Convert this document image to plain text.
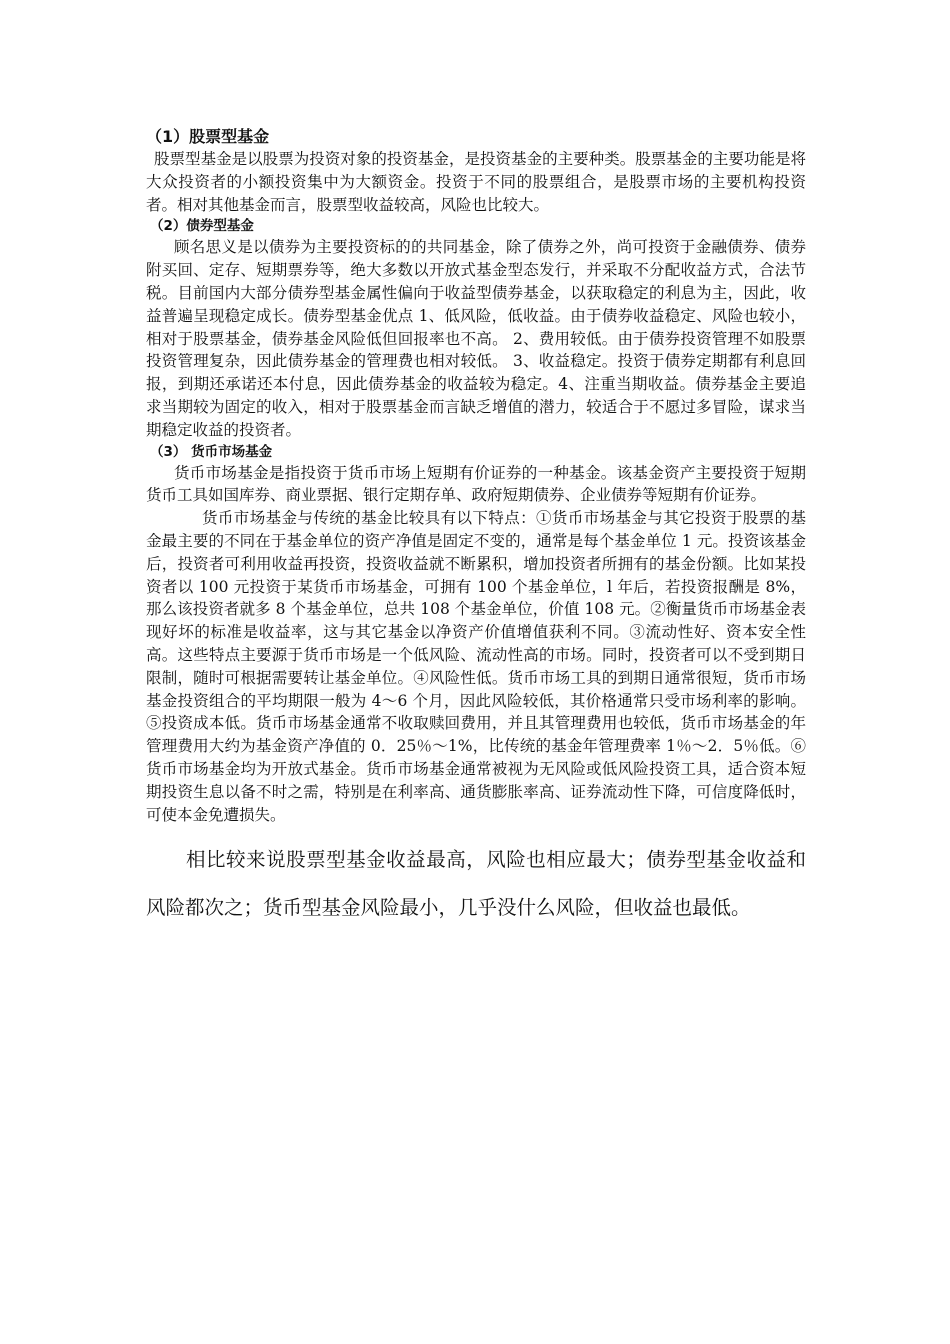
（1）股票型基金

股票型基金是以股票为投资对象的投资基金，是投资基金的主要种类。股票基金的主要功能是将大众投资者的小额投资集中为大额资金。投资于不同的股票组合，是股票市场的主要机构投资者。相对其他基金而言，股票型收益较高，风险也比较大。

（2）债券型基金

顾名思义是以债券为主要投资标的的共同基金，除了债券之外，尚可投资于金融债券、债券附买回、定存、短期票券等，绝大多数以开放式基金型态发行，并采取不分配收益方式，合法节税。目前国内大部分债券型基金属性偏向于收益型债券基金，以获取稳定的利息为主，因此，收益普遍呈现稳定成长。债券型基金优点 1、低风险，低收益。由于债券收益稳定、风险也较小，相对于股票基金，债券基金风险低但回报率也不高。 2、费用较低。由于债券投资管理不如股票投资管理复杂，因此债券基金的管理费也相对较低。 3、收益稳定。投资于债券定期都有利息回报，到期还承诺还本付息，因此债券基金的收益较为稳定。4、注重当期收益。债券基金主要追求当期较为固定的收入，相对于股票基金而言缺乏增值的潜力，较适合于不愿过多冒险，谋求当期稳定收益的投资者。

（3） 货币市场基金

货币市场基金是指投资于货币市场上短期有价证券的一种基金。该基金资产主要投资于短期货币工具如国库券、商业票据、银行定期存单、政府短期债券、企业债券等短期有价证券。

货币市场基金与传统的基金比较具有以下特点：①货币市场基金与其它投资于股票的基金最主要的不同在于基金单位的资产净值是固定不变的，通常是每个基金单位 1 元。投资该基金后，投资者可利用收益再投资，投资收益就不断累积，增加投资者所拥有的基金份额。比如某投资者以 100 元投资于某货币市场基金，可拥有 100 个基金单位，l 年后，若投资报酬是 8%，那么该投资者就多 8 个基金单位，总共 108 个基金单位，价值 108 元。②衡量货币市场基金表现好坏的标准是收益率，这与其它基金以净资产价值增值获利不同。③流动性好、资本安全性高。这些特点主要源于货币市场是一个低风险、流动性高的市场。同时，投资者可以不受到期日限制，随时可根据需要转让基金单位。④风险性低。货币市场工具的到期日通常很短，货币市场基金投资组合的平均期限一般为 4～6 个月，因此风险较低，其价格通常只受市场利率的影响。⑤投资成本低。货币市场基金通常不收取赎回费用，并且其管理费用也较低，货币市场基金的年管理费用大约为基金资产净值的 0．25％～1%，比传统的基金年管理费率 1％～2．5％低。⑥货币市场基金均为开放式基金。货币市场基金通常被视为无风险或低风险投资工具，适合资本短期投资生息以备不时之需，特别是在利率高、通货膨胀率高、证券流动性下降，可信度降低时，可使本金免遭损失。

相比较来说股票型基金收益最高，风险也相应最大；债券型基金收益和风险都次之；货币型基金风险最小，几乎没什么风险，但收益也最低。
